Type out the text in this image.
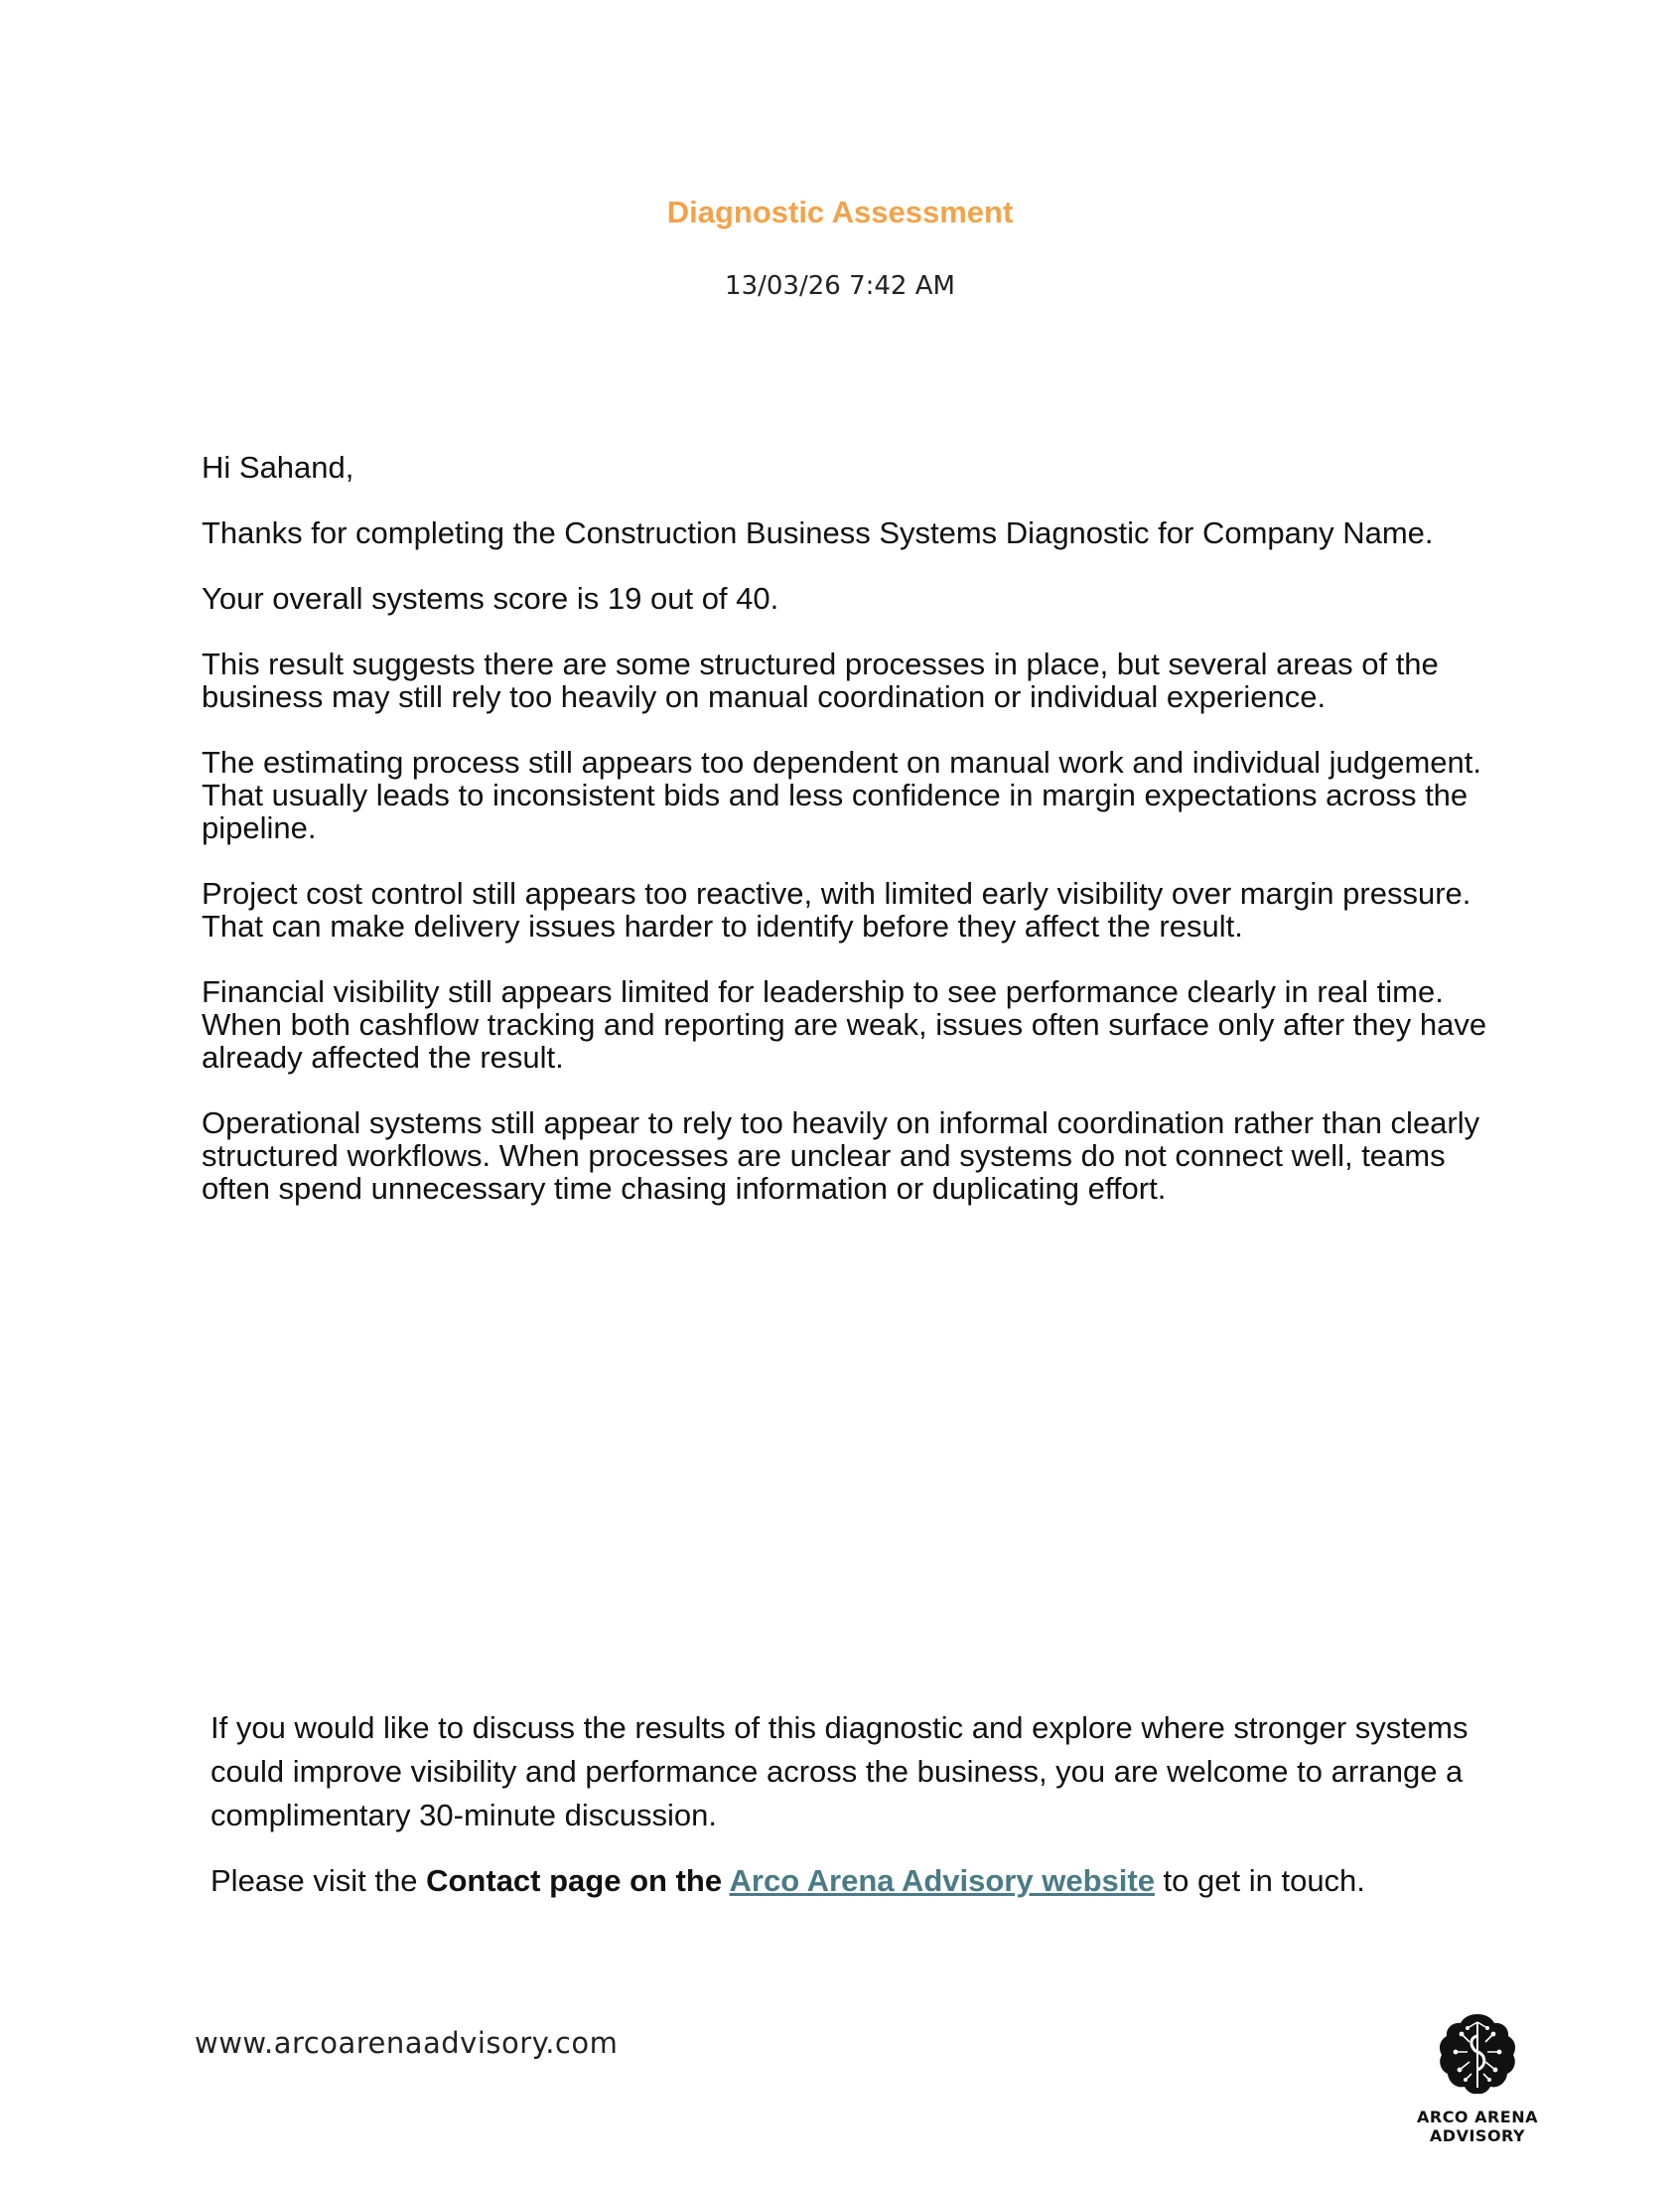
Diagnostic Assessment
13/03/26 7:42 AM

Hi Sahand,

Thanks for completing the Construction Business Systems Diagnostic for Company Name.

Your overall systems score is 19 out of 40.

This result suggests there are some structured processes in place, but several areas of the business may still rely too heavily on manual coordination or individual experience.

The estimating process still appears too dependent on manual work and individual judgement. That usually leads to inconsistent bids and less confidence in margin expectations across the pipeline.

Project cost control still appears too reactive, with limited early visibility over margin pressure. That can make delivery issues harder to identify before they affect the result.

Financial visibility still appears limited for leadership to see performance clearly in real time. When both cashflow tracking and reporting are weak, issues often surface only after they have already affected the result.

Operational systems still appear to rely too heavily on informal coordination rather than clearly structured workflows. When processes are unclear and systems do not connect well, teams often spend unnecessary time chasing information or duplicating effort.

If you would like to discuss the results of this diagnostic and explore where stronger systems could improve visibility and performance across the business, you are welcome to arrange a complimentary 30-minute discussion.

Please visit the Contact page on the Arco Arena Advisory website to get in touch.

www.arcoarenaadvisory.com
ARCO ARENA ADVISORY
